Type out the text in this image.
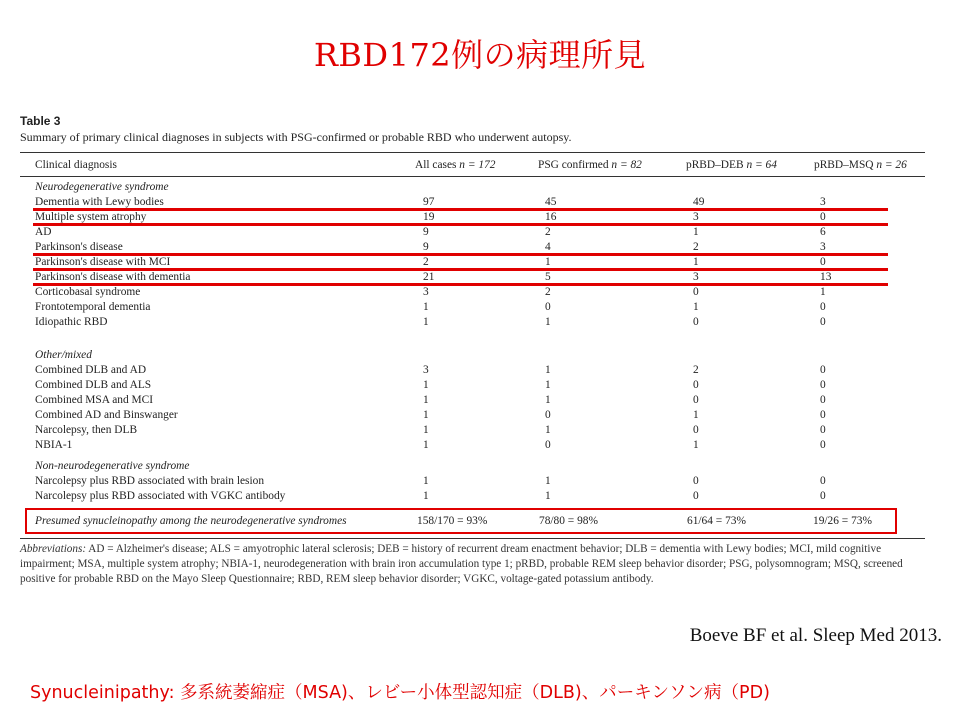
RBD172例の病理所見
Table 3
Summary of primary clinical diagnoses in subjects with PSG-confirmed or probable RBD who underwent autopsy.
Clinical diagnosis	All cases n = 172	PSG confirmed n = 82	pRBD–DEB n = 64	pRBD–MSQ n = 26
Neurodegenerative syndrome
Dementia with Lewy bodies	97	45	49	3
Multiple system atrophy	19	16	3	0
AD	9	2	1	6
Parkinson's disease	9	4	2	3
Parkinson's disease with MCI	2	1	1	0
Parkinson's disease with dementia	21	5	3	13
Corticobasal syndrome	3	2	0	1
Frontotemporal dementia	1	0	1	0
Idiopathic RBD	1	1	0	0
Other/mixed
Combined DLB and AD	3	1	2	0
Combined DLB and ALS	1	1	0	0
Combined MSA and MCI	1	1	0	0
Combined AD and Binswanger	1	0	1	0
Narcolepsy, then DLB	1	1	0	0
NBIA-1	1	0	1	0
Non-neurodegenerative syndrome
Narcolepsy plus RBD associated with brain lesion	1	1	0	0
Narcolepsy plus RBD associated with VGKC antibody	1	1	0	0
Presumed synucleinopathy among the neurodegenerative syndromes	158/170 = 93%	78/80 = 98%	61/64 = 73%	19/26 = 73%
Abbreviations: AD = Alzheimer's disease; ALS = amyotrophic lateral sclerosis; DEB = history of recurrent dream enactment behavior; DLB = dementia with Lewy bodies; MCI, mild cognitive impairment; MSA, multiple system atrophy; NBIA-1, neurodegeneration with brain iron accumulation type 1; pRBD, probable REM sleep behavior disorder; PSG, polysomnogram; MSQ, screened positive for probable RBD on the Mayo Sleep Questionnaire; RBD, REM sleep behavior disorder; VGKC, voltage-gated potassium antibody.
Boeve BF et al. Sleep Med 2013.
Synucleinipathy: 多系統萎縮症（MSA)、レビー小体型認知症（DLB)、パーキンソン病（PD)
